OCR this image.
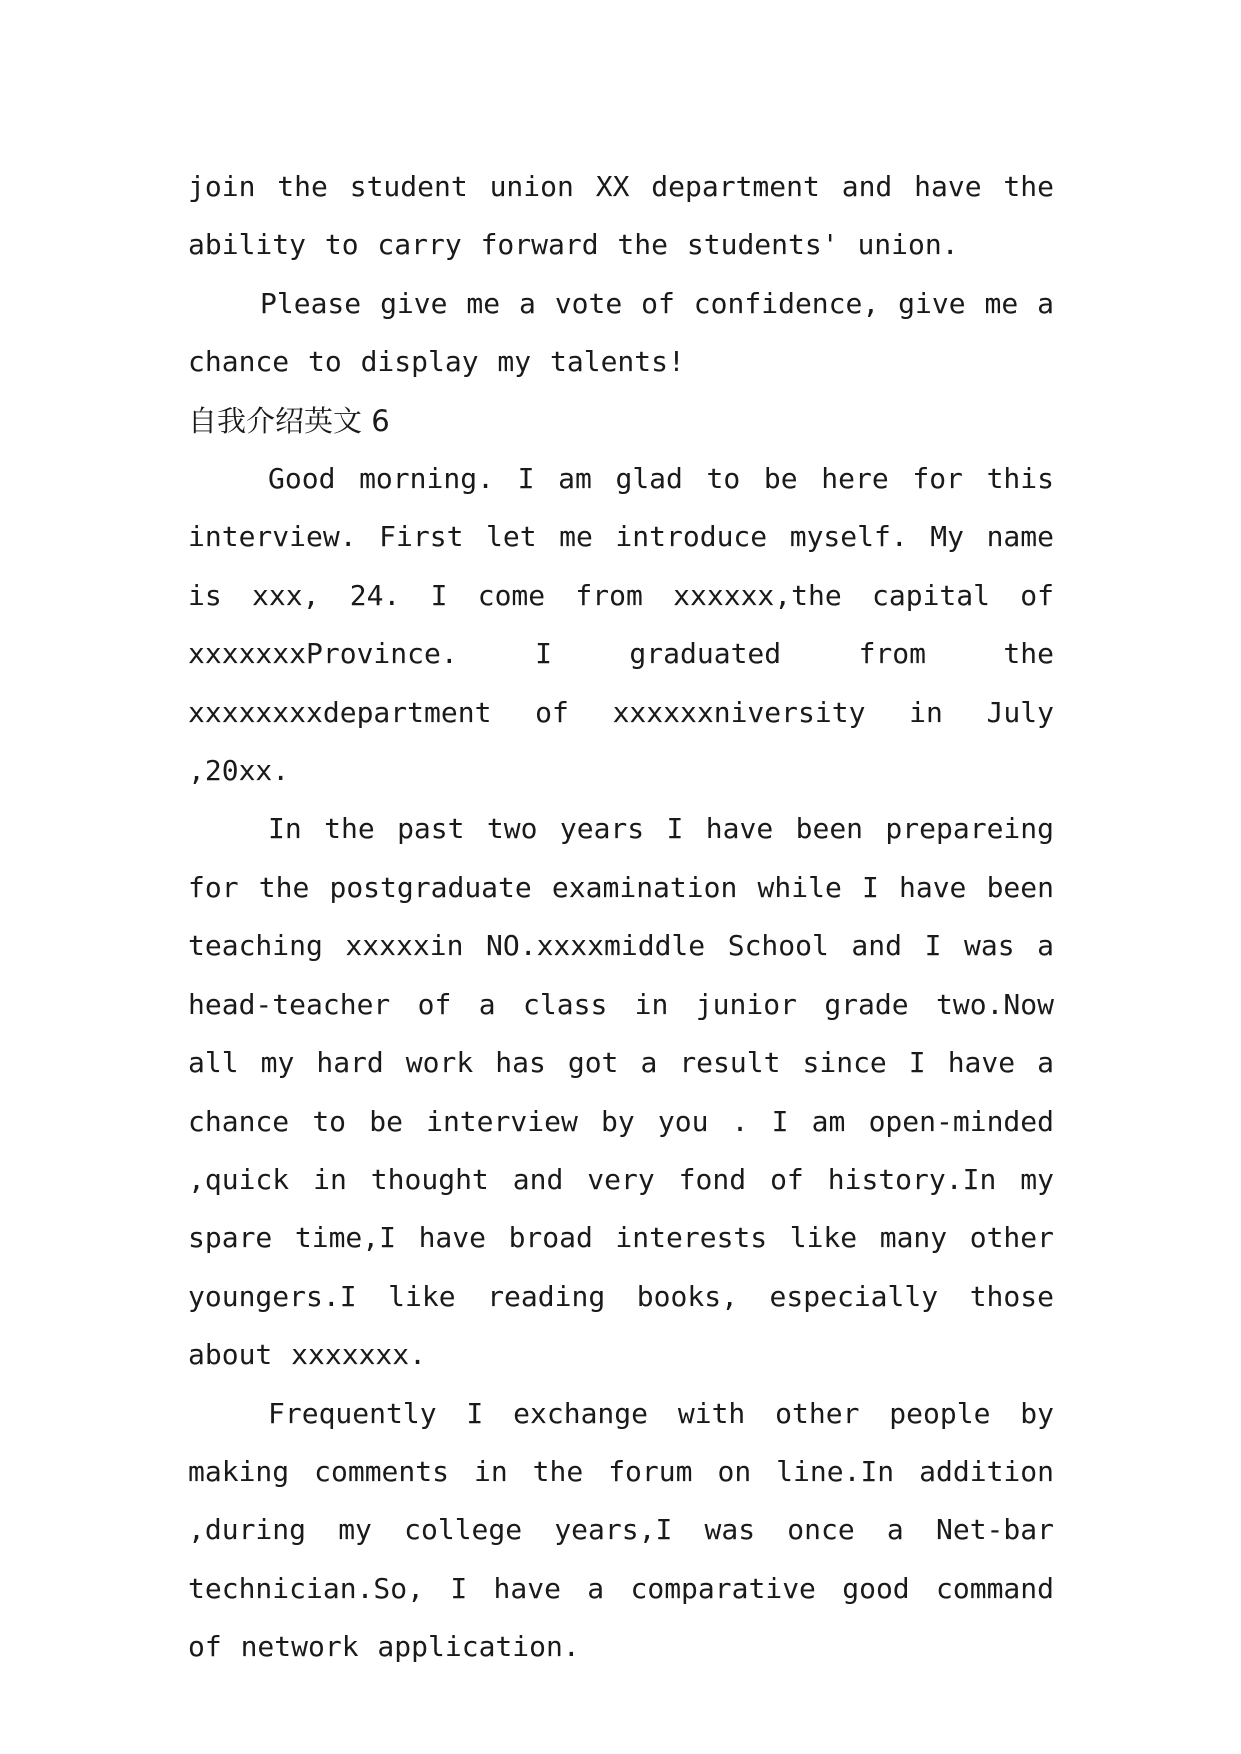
join the student union XX department and have the ability to carry forward the students' union.

Please give me a vote of confidence, give me a chance to display my talents!

自我介绍英文 6

Good morning. I am glad to be here for this interview. First let me introduce myself. My name is xxx, 24. I come from xxxxxx,the capital of xxxxxxxProvince. I graduated from the xxxxxxxxdepartment of xxxxxxniversity in July ,20xx.

In the past two years I have been prepareing for the postgraduate examination while I have been teaching xxxxxin NO.xxxxmiddle School and I was a head-teacher of a class in junior grade two.Now all my hard work has got a result since I have a chance to be interview by you . I am open-minded ,quick in thought and very fond of history.In my spare time,I have broad interests like many other youngers.I like reading books, especially those about xxxxxxx.

Frequently I exchange with other people by making comments in the forum on line.In addition ,during my college years,I was once a Net-bar technician.So, I have a comparative good command of network application.
